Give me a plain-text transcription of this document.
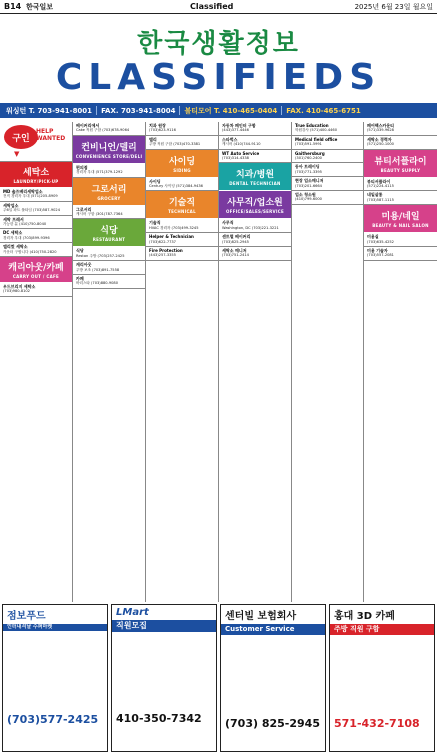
B14 한국일보	Classified	2025년 6월 23일 월요일
한국생활정보
CLASSIFIEDS
워싱턴 T. 703-941-8001 FAX. 703-941-8004 볼티모어 T. 410-465-0404 FAX. 410-465-6751
구인
HELP WANTED
▼
세탁소
LAUNDRY/PICK-UP
MD 솔즈베리세탁업소
전직 경력자 우대 (571)205-8909
세탁업소
주6일 파트 풀타임 (703)587-9024
세탁 프레서
가능한 분 (410)750-8040
DC 세탁소
경력자 우대 (703)899-9396
엘리컷 세탁소
카운터 구합니다 (410)750-2820
캐리아웃/카페
CARRY OUT / CAFE
우드브리지 세탁소
(703)980-8102
베이커리에서
Cake 직원 구함 (703)678-9064
컨비니언/델리
CONVENIENCE STORE/DELI
편의점
경력자 우대 (571)379-1292
그로서리
GROCERY
그로서리
캐시어 구함 (301)787-7364
식당
RESTAURANT
식당
Reston 주방 (703)257-2425
캐리아웃
주방 보조 (703)891-7558
카페
바리스타 (703)880-9080
치과 원장
(703)623-9116
델리
주방 직원 구함 (703)470-3381
사이딩
SIDING
사이딩
Century 사이딩 (571)384-9436
기술직
TECHNICAL
기술직
HVAC 경력자 (703)499-3245
Helper & Technician
(703)622-7737
Fire Protection
(443)257-3355
자동차 페인터 구함
(443)377-4446
스타벅스
캐시어 (410)744-9110
WT Auto Service
(703)314-4338
치과/병원
DENTAL TECHNICIAN
사무직/업소원
OFFICE/SALES/SERVICE
사무직
Washington, DC (703)221-3221
센트럴 베이커리
(703)825-2945
세탁소 매니저
(703)751-2414
True Education
학원강사 (571)400-4460
Medical field office
(703)591-5991
Gaithersburg
(301)760-2400
동아 트레이딩
(703)771-3395
현장 업소매니저
(703)201-6664
업소 청소원
(410)799-6000
페어팩스카운티
(571)339-9628
세탁소 경력자
(571)250-1000
뷰티서플라이
BEAUTY SUPPLY
뷰티서플라이
(571)224-4115
네일살롱
(703)587-1115
미용/네일
BEAUTY & NAIL SALON
미용실
(703)635-4252
미용 기술자
(703)557-2081
점보푸드
인터내셔날 수퍼마켓
(703)577-2425
LMart
직원모집
410-350-7342
센터빌 보험회사
Customer Service
(703) 825-2945
홍대 3D 카페
주방 직원 구함
571-432-7108
